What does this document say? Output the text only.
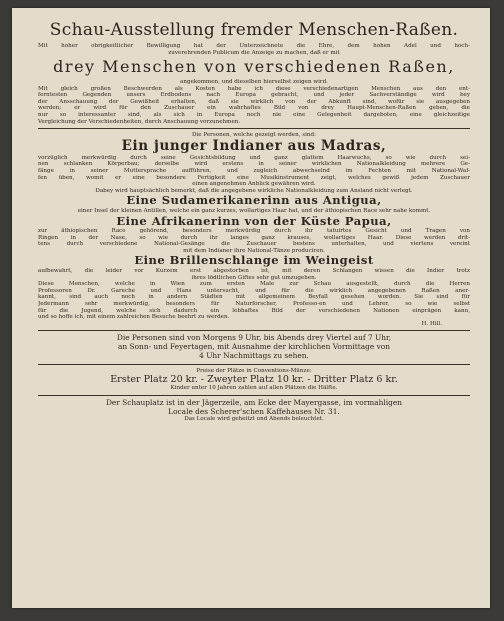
Schau-Ausstellung fremder Menschen-Raßen.

Mit hoher obrigkeitlicher Bewilligung hat der Unterzeichnete die Ehre, dem hohen Adel und hoch-

zuverehrenden Publicum die Anzeige zu machen, daß er mit

drey Menschen von verschiedenen Raßen,

angekommen, und dieselben hierselbst zeigen wird.

Mit gleich großen Beschwerden als Kosten habe ich diese verschiedenartigen Menschen aus den ent-

ferntesten Gegenden unsers Erdbodens nach Europa gebracht, und jeder Sachverständige wird bey

der Ansschauung der Gewißheit erhalten, daß sie wirklich von der Abkunft sind, wofür sie ausgegeben

werden; er wird für den Zuschauer ein wahrhaftes Bild von drey Haupt-Menschen-Raßen geben, die

nur so interessanter sind, als sich in Europa noch nie eine Gelegenheit dargeboten, eine gleichzeitige

Vergleichung der Verschiedenheiten, durch Anschauung vorzunehmen.

Die Personen, welche gezeigt werden, sind:

Ein junger Indianer aus Madras,

vorzüglich merkwürdig durch seine Gesichtsbildung und ganz glattem Haarwuchs, so wie durch sei-

nen schlanken Körperbau; derselbe wird erstens in seiner wirklichen Nationalkleidung mehrere Ge-

fänge in seiner Muttersprache aufführen, und zugleich abwechselnd im Fechten mit National-Waf-

fen üben, womit er eine besondere Fertigkeit eine Musikinstrument zeigt, welches gewiß jedem Zuschauer

einen angenehmen Anblick gewähren wird.

Dabey wird hauptsächlich bemerkt, daß die angegebene wirkliche Nationalkleidung zum Ansland nicht verlegt.

Eine Sudamerikanerinn aus Antigua,

einer Insel der kleinen Antillen, welche ein ganz kurzes, wollartiges Haar hat, und der äthiopischen Race sehr nahe kommt.

Eine Afrikanerinn von der Küste Papua,

zur äthiopischen Race gehörend, besonders merkwürdig durch ihr tatuirtes Gesicht und Tragen von

Ringen in der Nase, so wie durch ihr langes ganz krauses, wollartiges Haar. Diese werden drit-

tens durch verschiedene National-Gesänge die Zuschauer bestens unterhalten, und viertens vereint

mit dem Indianer ihre National-Tänze produciren.

Eine Brillenschlange im Weingeist

aufbewahrt, die leider vor Kurzem erst abgestorben ist, mit deren Schlangen wissen die Indier trotz

ihres tödtlichen Giftes sehr gut umzugehen.

Diese Menschen, welche in Wien zum ersten Male zur Schau ausgestellt, durch die Herren

Professoren Dr. Gareche und Hans untersucht, und für die wirklich angegebenen Raßen aner-

kannt, sind auch noch in andern Städten mit allgemeinem Beyfall gesehen worden. Sie sind für

Jedermann sehr merkwürdig, besonders für Naturforscher, Professo-en und Lehrer, so wie selbst

für die Jugend, welche sich dadurch ein lebhaftes Bild der verschiedenen Nationen einprägen kann,

und so hoffe ich, mit einem zahlreichen Besuche beehrt zu werden.

H. Hill.

Die Personen sind von Morgens 9 Uhr, bis Abends drey Viertel auf 7 Uhr,

an Sonn- und Feyertagen, mit Ausnahme der kirchlichen Vormittage von

4 Uhr Nachmittags zu sehen.

Preise der Plätze in Conventions-Münze:

Erster Platz 20 kr. - Zweyter Platz 10 kr. - Dritter Platz 6 kr.

Kinder unter 10 Jahren zahlen auf allen Plätzen die Hälfte.

Der Schauplatz ist in der Jägerzeile, am Ecke der Mayergasse, im vormahligen

Locale des Scherer'schen Kaffehauses Nr. 31.

Das Locale wird geheitzt und Abends beleuchtet.
